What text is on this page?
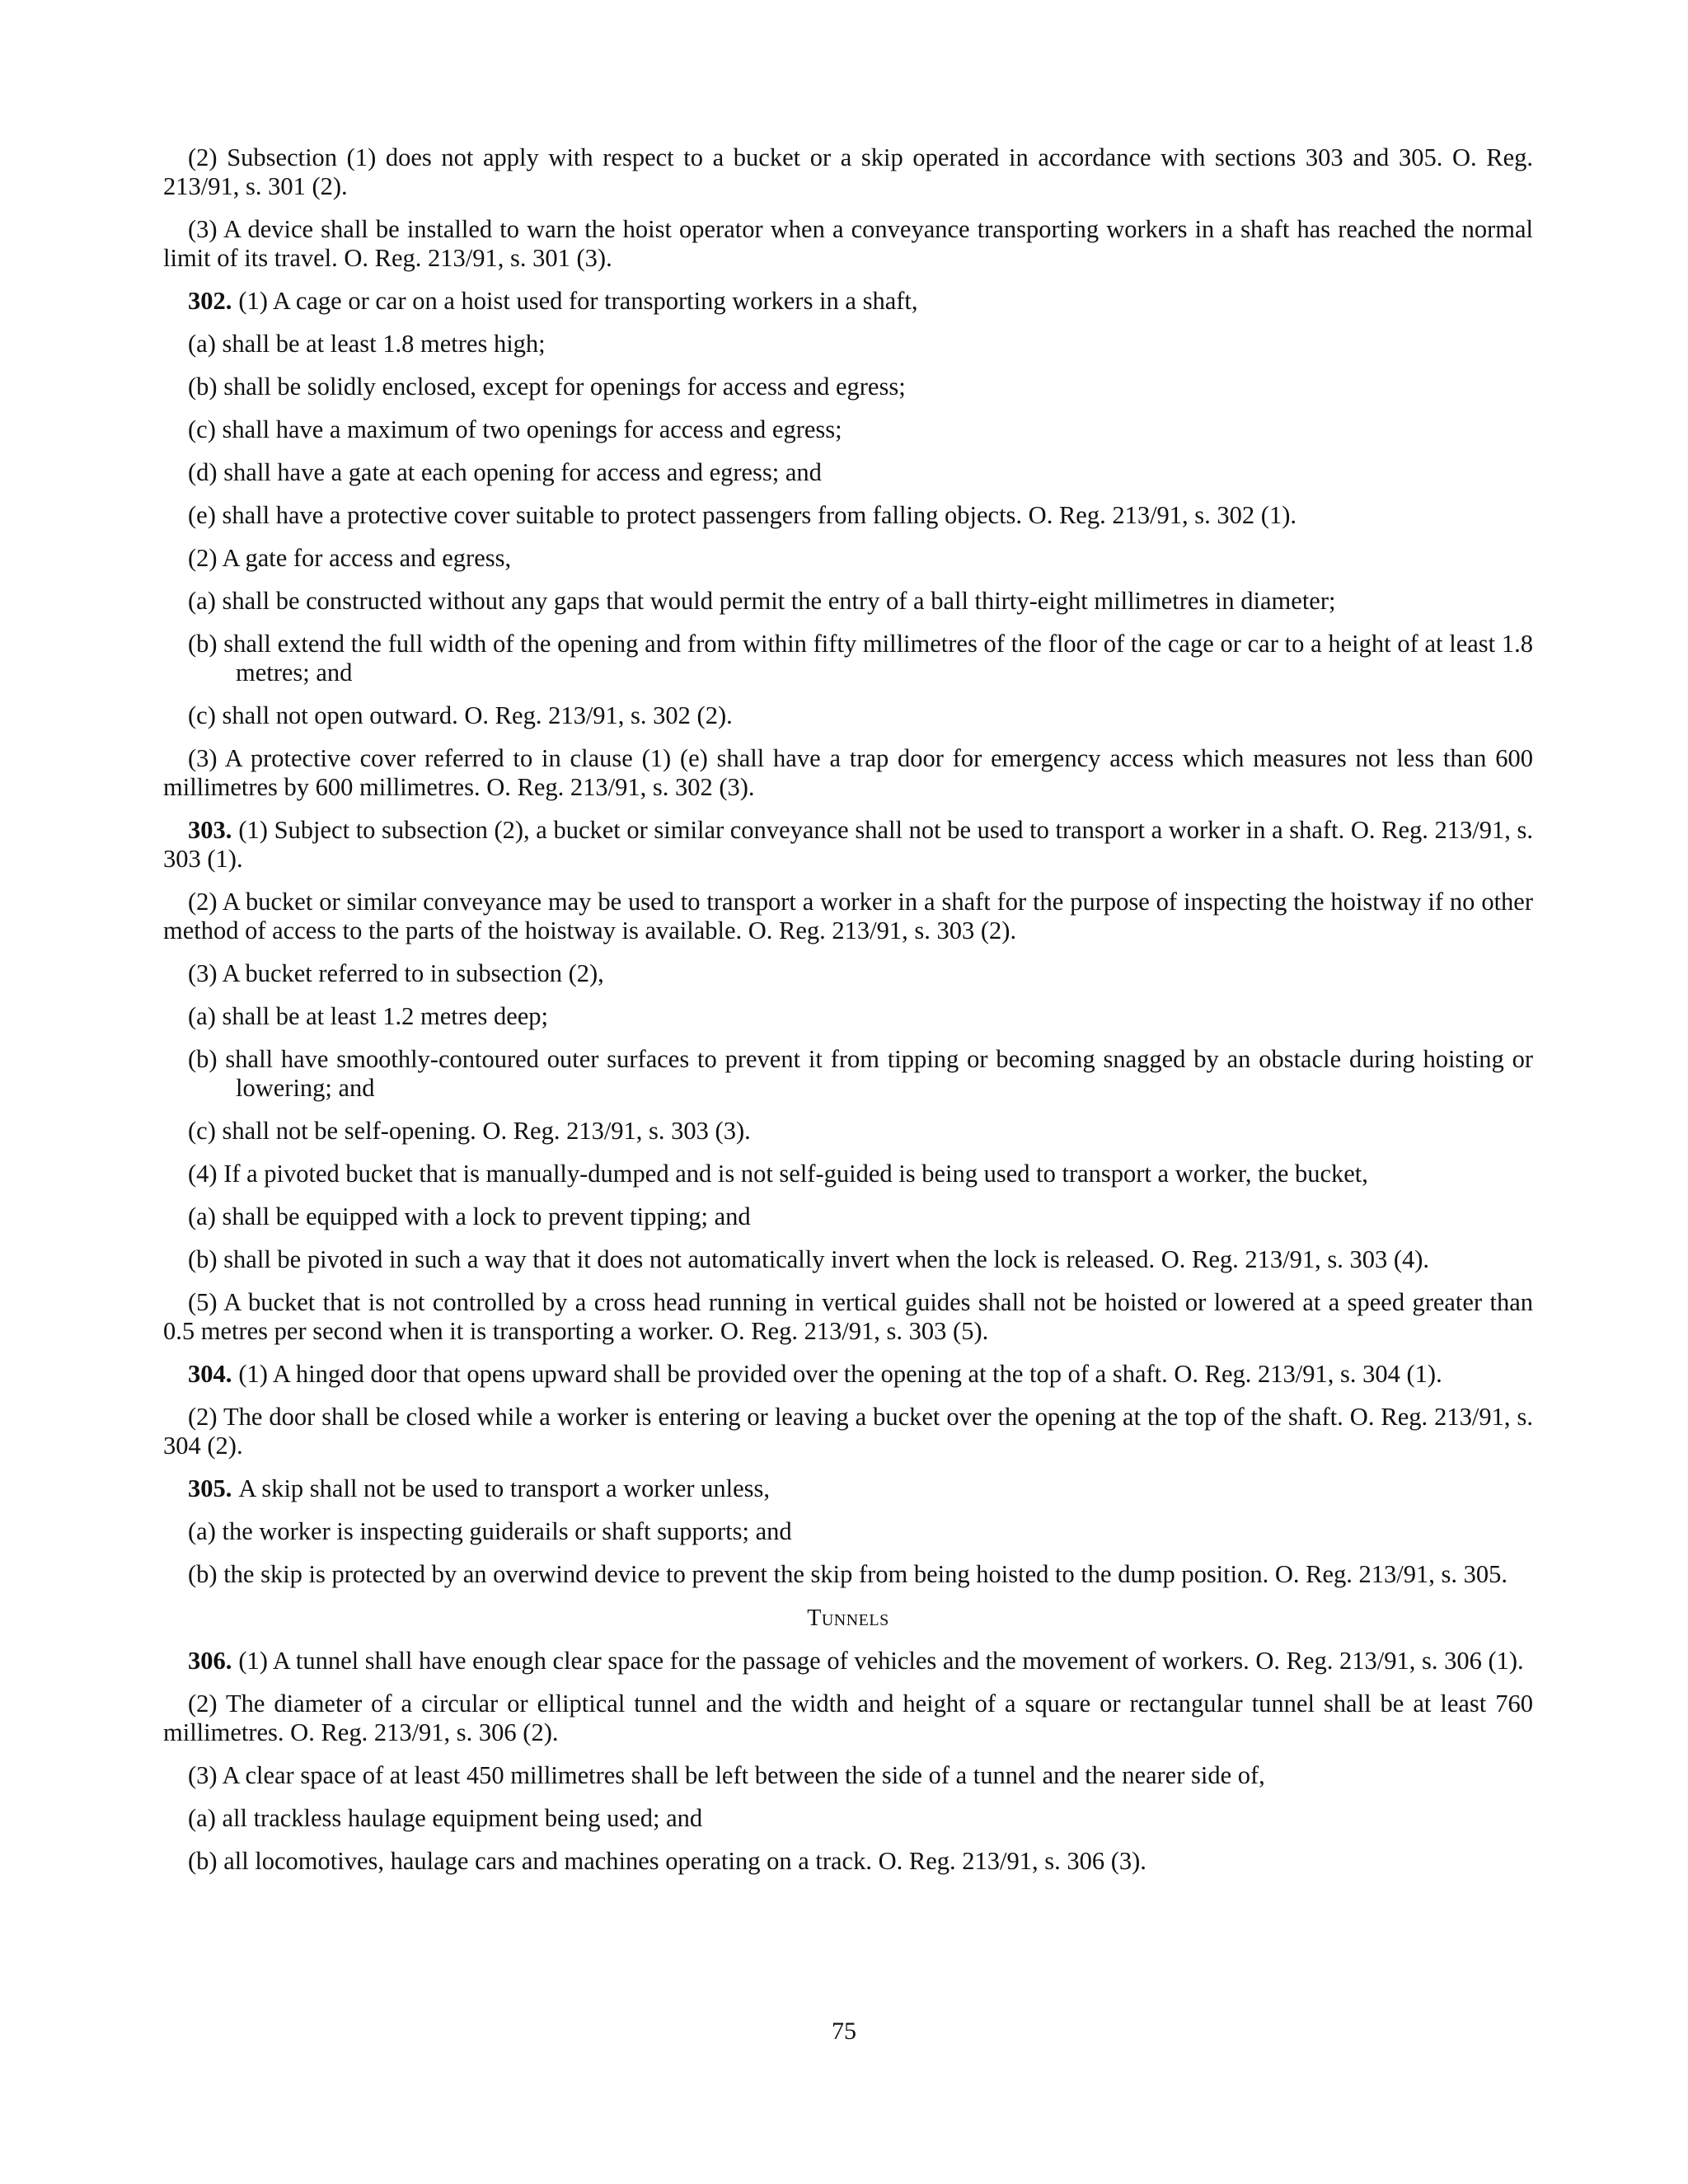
(2) Subsection (1) does not apply with respect to a bucket or a skip operated in accordance with sections 303 and 305. O. Reg. 213/91, s. 301 (2).

(3) A device shall be installed to warn the hoist operator when a conveyance transporting workers in a shaft has reached the normal limit of its travel. O. Reg. 213/91, s. 301 (3).

302. (1) A cage or car on a hoist used for transporting workers in a shaft,

(a) shall be at least 1.8 metres high;

(b) shall be solidly enclosed, except for openings for access and egress;

(c) shall have a maximum of two openings for access and egress;

(d) shall have a gate at each opening for access and egress; and

(e) shall have a protective cover suitable to protect passengers from falling objects. O. Reg. 213/91, s. 302 (1).

(2) A gate for access and egress,

(a) shall be constructed without any gaps that would permit the entry of a ball thirty-eight millimetres in diameter;

(b) shall extend the full width of the opening and from within fifty millimetres of the floor of the cage or car to a height of at least 1.8 metres; and

(c) shall not open outward. O. Reg. 213/91, s. 302 (2).

(3) A protective cover referred to in clause (1) (e) shall have a trap door for emergency access which measures not less than 600 millimetres by 600 millimetres. O. Reg. 213/91, s. 302 (3).

303. (1) Subject to subsection (2), a bucket or similar conveyance shall not be used to transport a worker in a shaft. O. Reg. 213/91, s. 303 (1).

(2) A bucket or similar conveyance may be used to transport a worker in a shaft for the purpose of inspecting the hoistway if no other method of access to the parts of the hoistway is available. O. Reg. 213/91, s. 303 (2).

(3) A bucket referred to in subsection (2),

(a) shall be at least 1.2 metres deep;

(b) shall have smoothly-contoured outer surfaces to prevent it from tipping or becoming snagged by an obstacle during hoisting or lowering; and

(c) shall not be self-opening. O. Reg. 213/91, s. 303 (3).

(4) If a pivoted bucket that is manually-dumped and is not self-guided is being used to transport a worker, the bucket,

(a) shall be equipped with a lock to prevent tipping; and

(b) shall be pivoted in such a way that it does not automatically invert when the lock is released. O. Reg. 213/91, s. 303 (4).

(5) A bucket that is not controlled by a cross head running in vertical guides shall not be hoisted or lowered at a speed greater than 0.5 metres per second when it is transporting a worker. O. Reg. 213/91, s. 303 (5).

304. (1) A hinged door that opens upward shall be provided over the opening at the top of a shaft. O. Reg. 213/91, s. 304 (1).

(2) The door shall be closed while a worker is entering or leaving a bucket over the opening at the top of the shaft. O. Reg. 213/91, s. 304 (2).

305. A skip shall not be used to transport a worker unless,

(a) the worker is inspecting guiderails or shaft supports; and

(b) the skip is protected by an overwind device to prevent the skip from being hoisted to the dump position. O. Reg. 213/91, s. 305.

Tunnels

306. (1) A tunnel shall have enough clear space for the passage of vehicles and the movement of workers. O. Reg. 213/91, s. 306 (1).

(2) The diameter of a circular or elliptical tunnel and the width and height of a square or rectangular tunnel shall be at least 760 millimetres. O. Reg. 213/91, s. 306 (2).

(3) A clear space of at least 450 millimetres shall be left between the side of a tunnel and the nearer side of,

(a) all trackless haulage equipment being used; and

(b) all locomotives, haulage cars and machines operating on a track. O. Reg. 213/91, s. 306 (3).

75
